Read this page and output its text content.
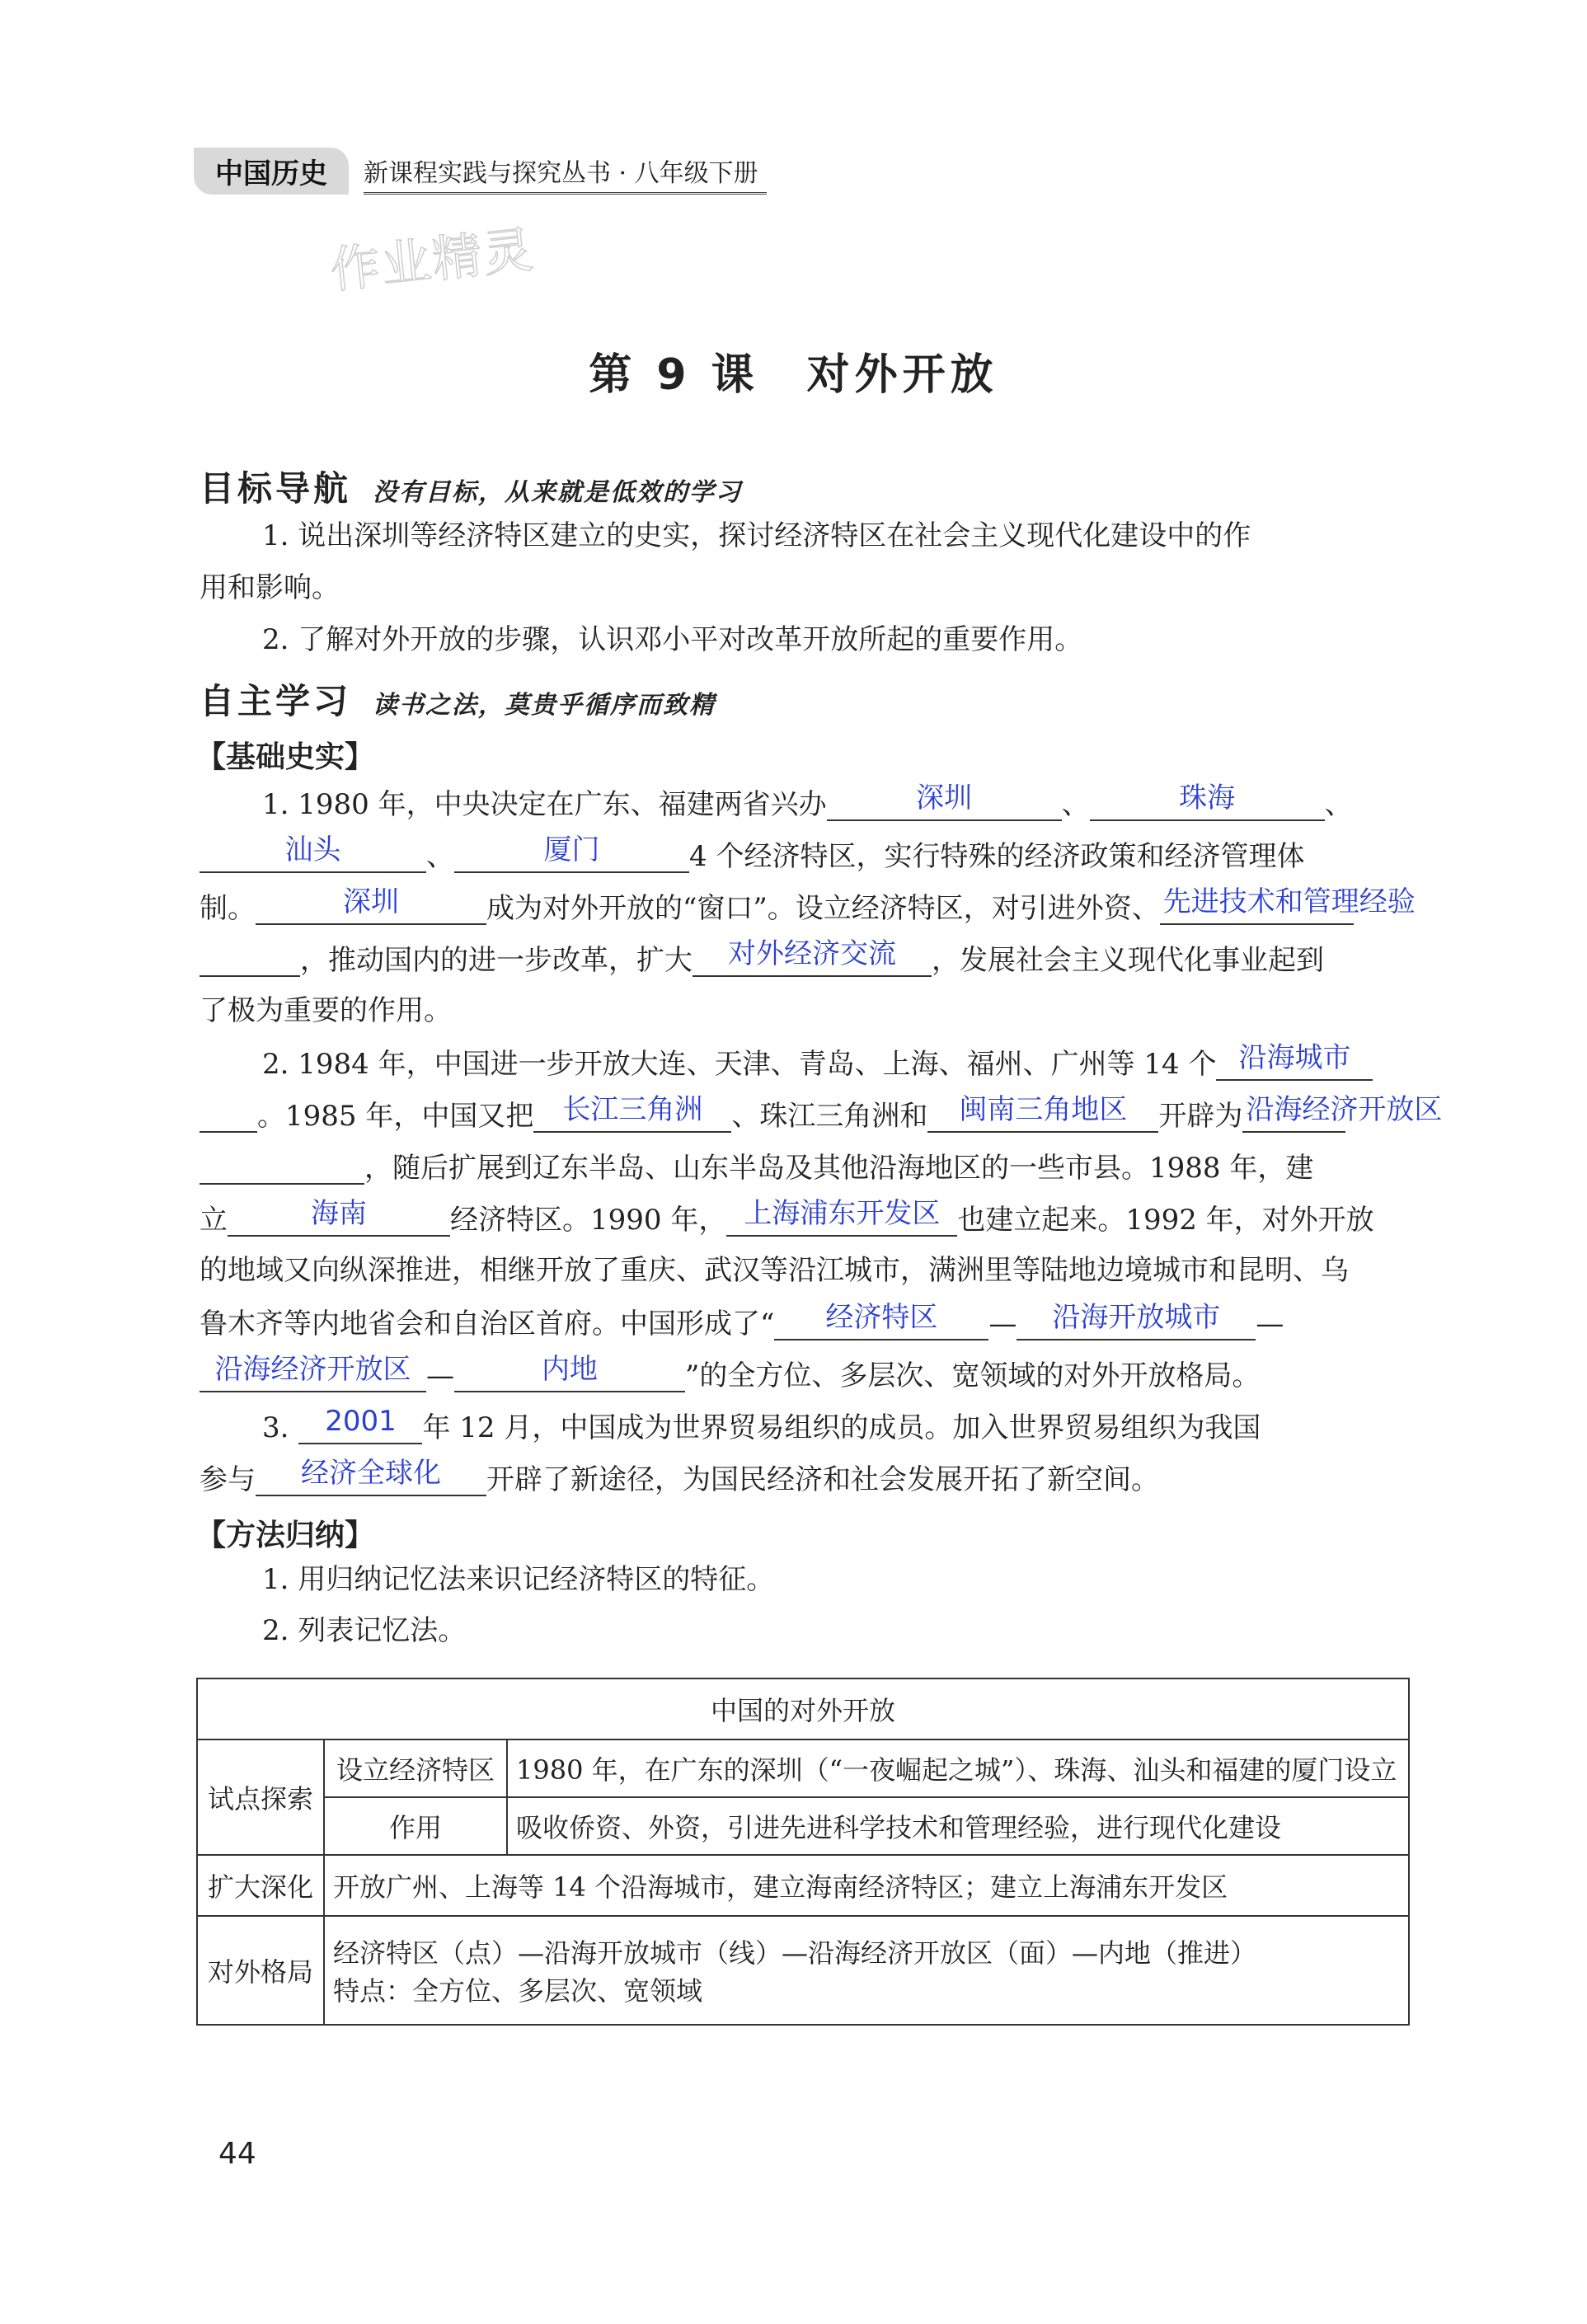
中国历史	新课程实践与探究丛书 · 八年级下册
作业精灵
第 9 课　对外开放
目标导航 没有目标，从来就是低效的学习
1. 说出深圳等经济特区建立的史实，探讨经济特区在社会主义现代化建设中的作
用和影响。
2. 了解对外开放的步骤，认识邓小平对改革开放所起的重要作用。
自主学习 读书之法，莫贵乎循序而致精
【基础史实】
1. 1980 年，中央决定在广东、福建两省兴办	深圳	、	珠海	、
汕头	、	厦门	4 个经济特区，实行特殊的经济政策和经济管理体
制。	深圳	成为对外开放的“窗口”。设立经济特区，对引进外资、 先进技术和管理经验
，推动国内的进一步改革，扩大	对外经济交流	，发展社会主义现代化事业起到
了极为重要的作用。
2. 1984 年，中国进一步开放大连、天津、青岛、上海、福州、广州等 14 个 沿海城市
。1985 年，中国又把	长江三角洲	、珠江三角洲和	闽南三角地区	开辟为 沿海经济开放区
，随后扩展到辽东半岛、山东半岛及其他沿海地区的一些市县。1988 年，建
立	海南	经济特区。1990 年， 上海浦东开发区 也建立起来。1992 年，对外开放
的地域又向纵深推进，相继开放了重庆、武汉等沿江城市，满洲里等陆地边境城市和昆明、乌
鲁木齐等内地省会和自治区首府。中国形成了“	经济特区	—	沿海开放城市	—
沿海经济开放区 —	内地	”的全方位、多层次、宽领域的对外开放格局。
3.	2001 年 12 月，中国成为世界贸易组织的成员。加入世界贸易组织为我国
参与	经济全球化	开辟了新途径，为国民经济和社会发展开拓了新空间。
【方法归纳】
1. 用归纳记忆法来识记经济特区的特征。
2. 列表记忆法。
中国的对外开放		
试点探索	设立经济特区	1980 年，在广东的深圳（“一夜崛起之城”）、珠海、汕头和福建的厦门设立
	作用	吸收侨资、外资，引进先进科学技术和管理经验，进行现代化建设
扩大深化	开放广州、上海等 14 个沿海城市，建立海南经济特区；建立上海浦东开发区	
对外格局	经济特区（点）—沿海开放城市（线）—沿海经济开放区（面）—内地（推进）
特点：全方位、多层次、宽领域	
44
